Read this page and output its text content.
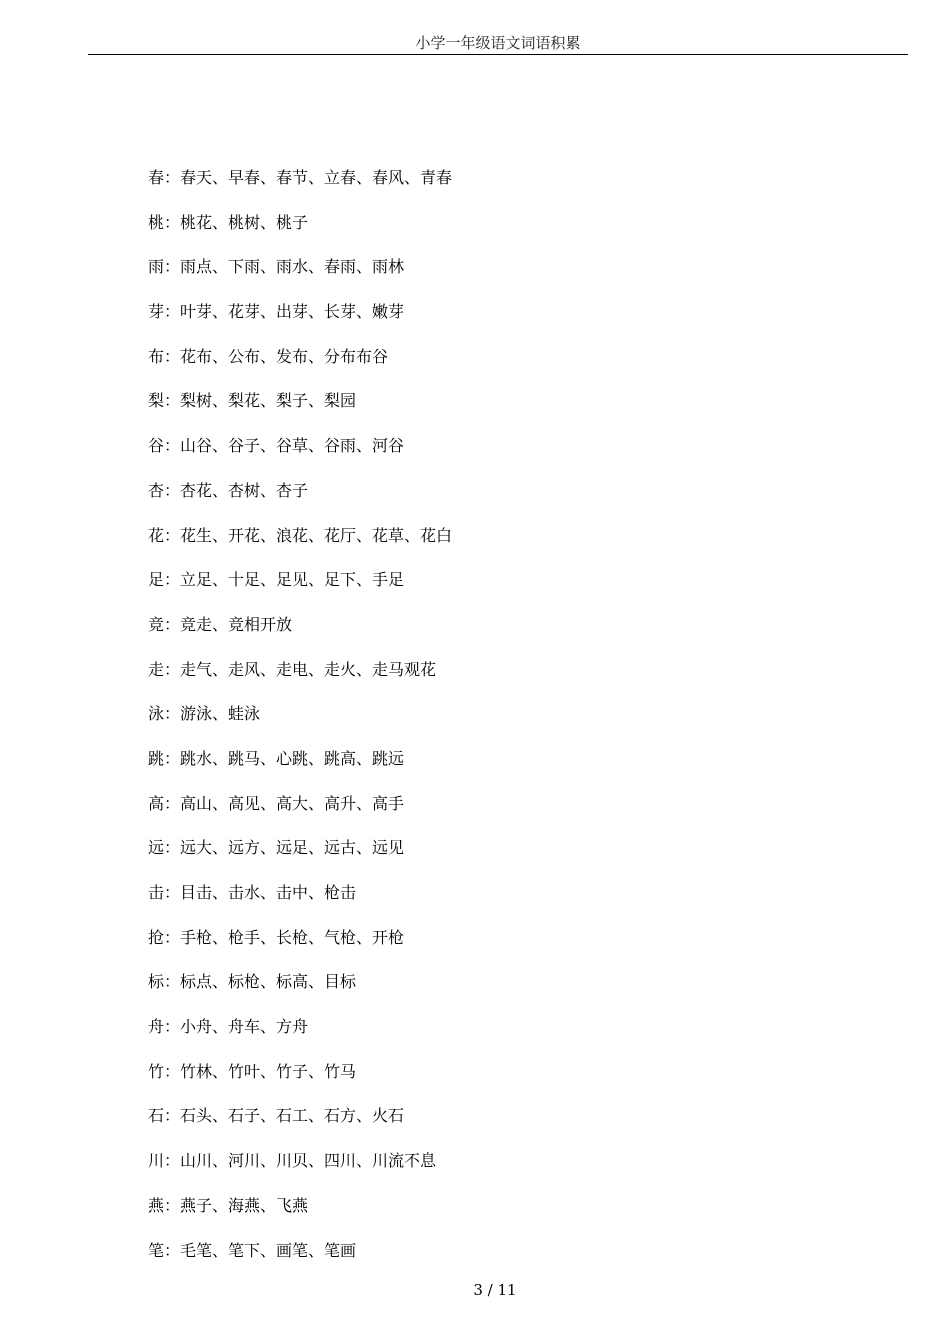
小学一年级语文词语积累
春：春天、早春、春节、立春、春风、青春
桃：桃花、桃树、桃子
雨：雨点、下雨、雨水、春雨、雨林
芽：叶芽、花芽、出芽、长芽、嫩芽
布：花布、公布、发布、分布布谷
梨：梨树、梨花、梨子、梨园
谷：山谷、谷子、谷草、谷雨、河谷
杏：杏花、杏树、杏子
花：花生、开花、浪花、花厅、花草、花白
足：立足、十足、足见、足下、手足
竞：竞走、竞相开放
走：走气、走风、走电、走火、走马观花
泳：游泳、蛙泳
跳：跳水、跳马、心跳、跳高、跳远
高：高山、高见、高大、高升、高手
远：远大、远方、远足、远古、远见
击：目击、击水、击中、枪击
抢：手枪、枪手、长枪、气枪、开枪
标：标点、标枪、标高、目标
舟：小舟、舟车、方舟
竹：竹林、竹叶、竹子、竹马
石：石头、石子、石工、石方、火石
川：山川、河川、川贝、四川、川流不息
燕：燕子、海燕、飞燕
笔：毛笔、笔下、画笔、笔画
3 / 11
